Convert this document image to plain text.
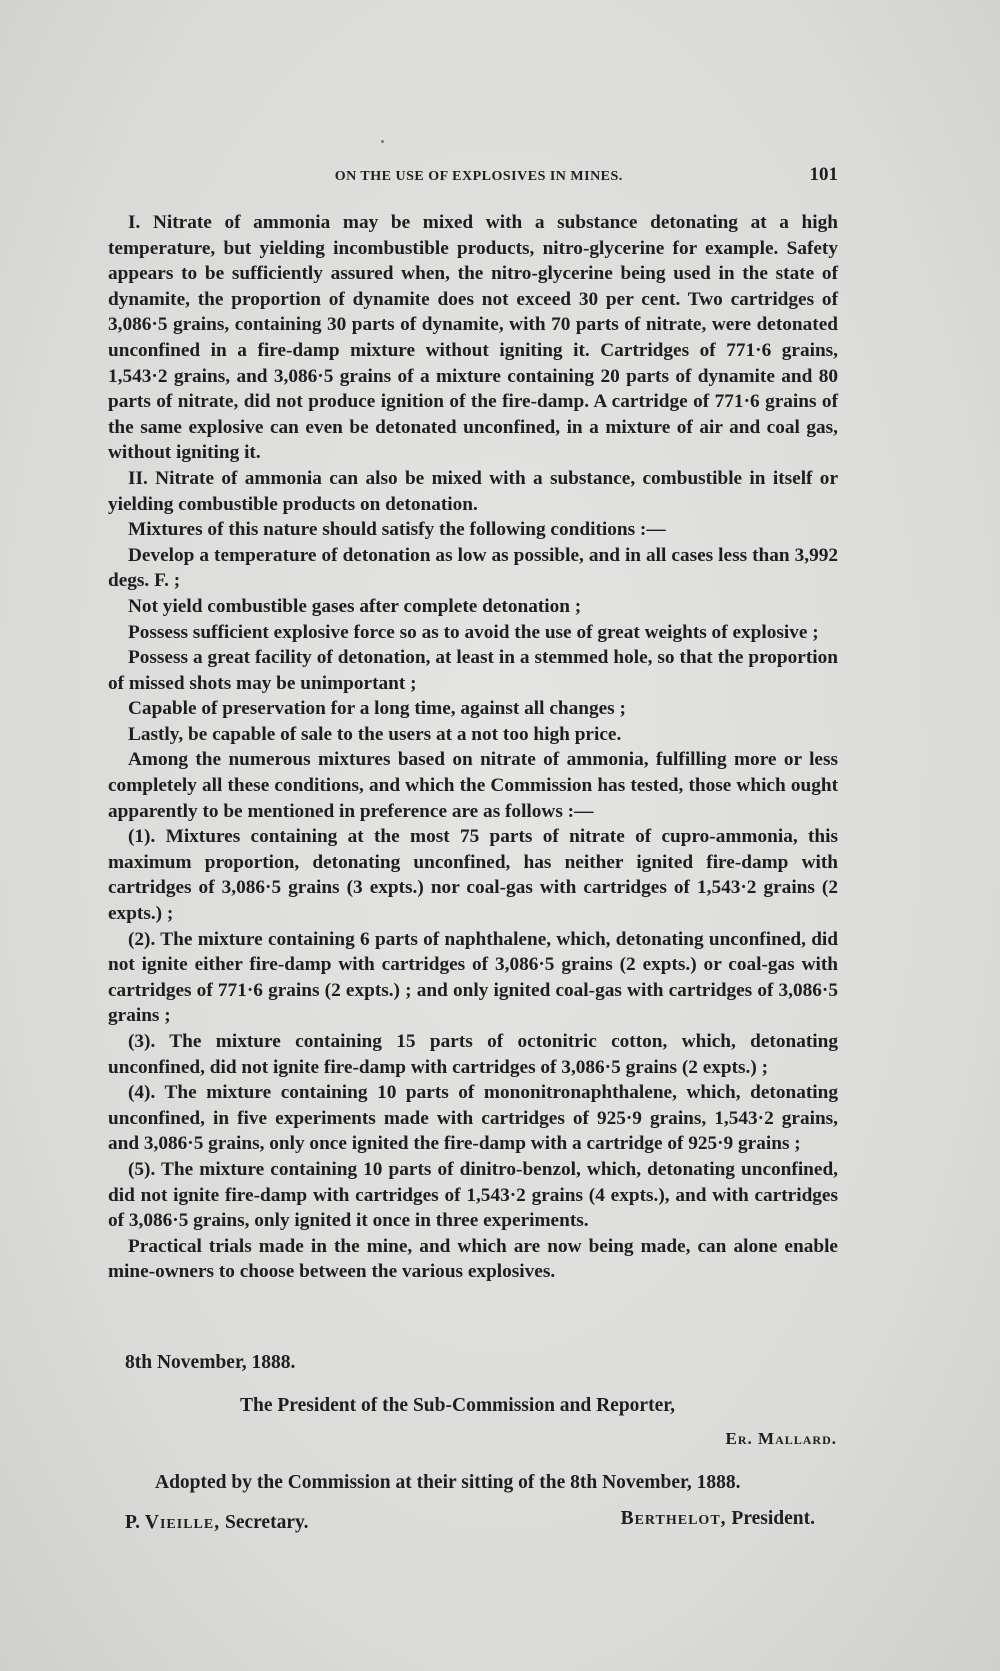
ON THE USE OF EXPLOSIVES IN MINES.	101

I. Nitrate of ammonia may be mixed with a substance detonating at a high temperature, but yielding incombustible products, nitro-glycerine for example. Safety appears to be sufficiently assured when, the nitro-glycerine being used in the state of dynamite, the proportion of dynamite does not exceed 30 per cent. Two cartridges of 3,086·5 grains, containing 30 parts of dynamite, with 70 parts of nitrate, were detonated unconfined in a fire-damp mixture without igniting it. Cartridges of 771·6 grains, 1,543·2 grains, and 3,086·5 grains of a mixture containing 20 parts of dynamite and 80 parts of nitrate, did not produce ignition of the fire-damp. A cartridge of 771·6 grains of the same explosive can even be detonated unconfined, in a mixture of air and coal gas, without igniting it.

II. Nitrate of ammonia can also be mixed with a substance, combustible in itself or yielding combustible products on detonation.

Mixtures of this nature should satisfy the following conditions :—

Develop a temperature of detonation as low as possible, and in all cases less than 3,992 degs. F. ;

Not yield combustible gases after complete detonation ;

Possess sufficient explosive force so as to avoid the use of great weights of explosive ;

Possess a great facility of detonation, at least in a stemmed hole, so that the proportion of missed shots may be unimportant ;

Capable of preservation for a long time, against all changes ;

Lastly, be capable of sale to the users at a not too high price.

Among the numerous mixtures based on nitrate of ammonia, fulfilling more or less completely all these conditions, and which the Commission has tested, those which ought apparently to be mentioned in preference are as follows :—

(1). Mixtures containing at the most 75 parts of nitrate of cupro-ammonia, this maximum proportion, detonating unconfined, has neither ignited fire-damp with cartridges of 3,086·5 grains (3 expts.) nor coal-gas with cartridges of 1,543·2 grains (2 expts.) ;

(2). The mixture containing 6 parts of naphthalene, which, detonating unconfined, did not ignite either fire-damp with cartridges of 3,086·5 grains (2 expts.) or coal-gas with cartridges of 771·6 grains (2 expts.) ; and only ignited coal-gas with cartridges of 3,086·5 grains ;

(3). The mixture containing 15 parts of octonitric cotton, which, detonating unconfined, did not ignite fire-damp with cartridges of 3,086·5 grains (2 expts.) ;

(4). The mixture containing 10 parts of mononitronaphthalene, which, detonating unconfined, in five experiments made with cartridges of 925·9 grains, 1,543·2 grains, and 3,086·5 grains, only once ignited the fire-damp with a cartridge of 925·9 grains ;

(5). The mixture containing 10 parts of dinitro-benzol, which, detonating unconfined, did not ignite fire-damp with cartridges of 1,543·2 grains (4 expts.), and with cartridges of 3,086·5 grains, only ignited it once in three experiments.

Practical trials made in the mine, and which are now being made, can alone enable mine-owners to choose between the various explosives.

8th November, 1888.
The President of the Sub-Commission and Reporter,
Er. Mallard.
Adopted by the Commission at their sitting of the 8th November, 1888.
P. Vieille, Secretary.	Berthelot, President.
